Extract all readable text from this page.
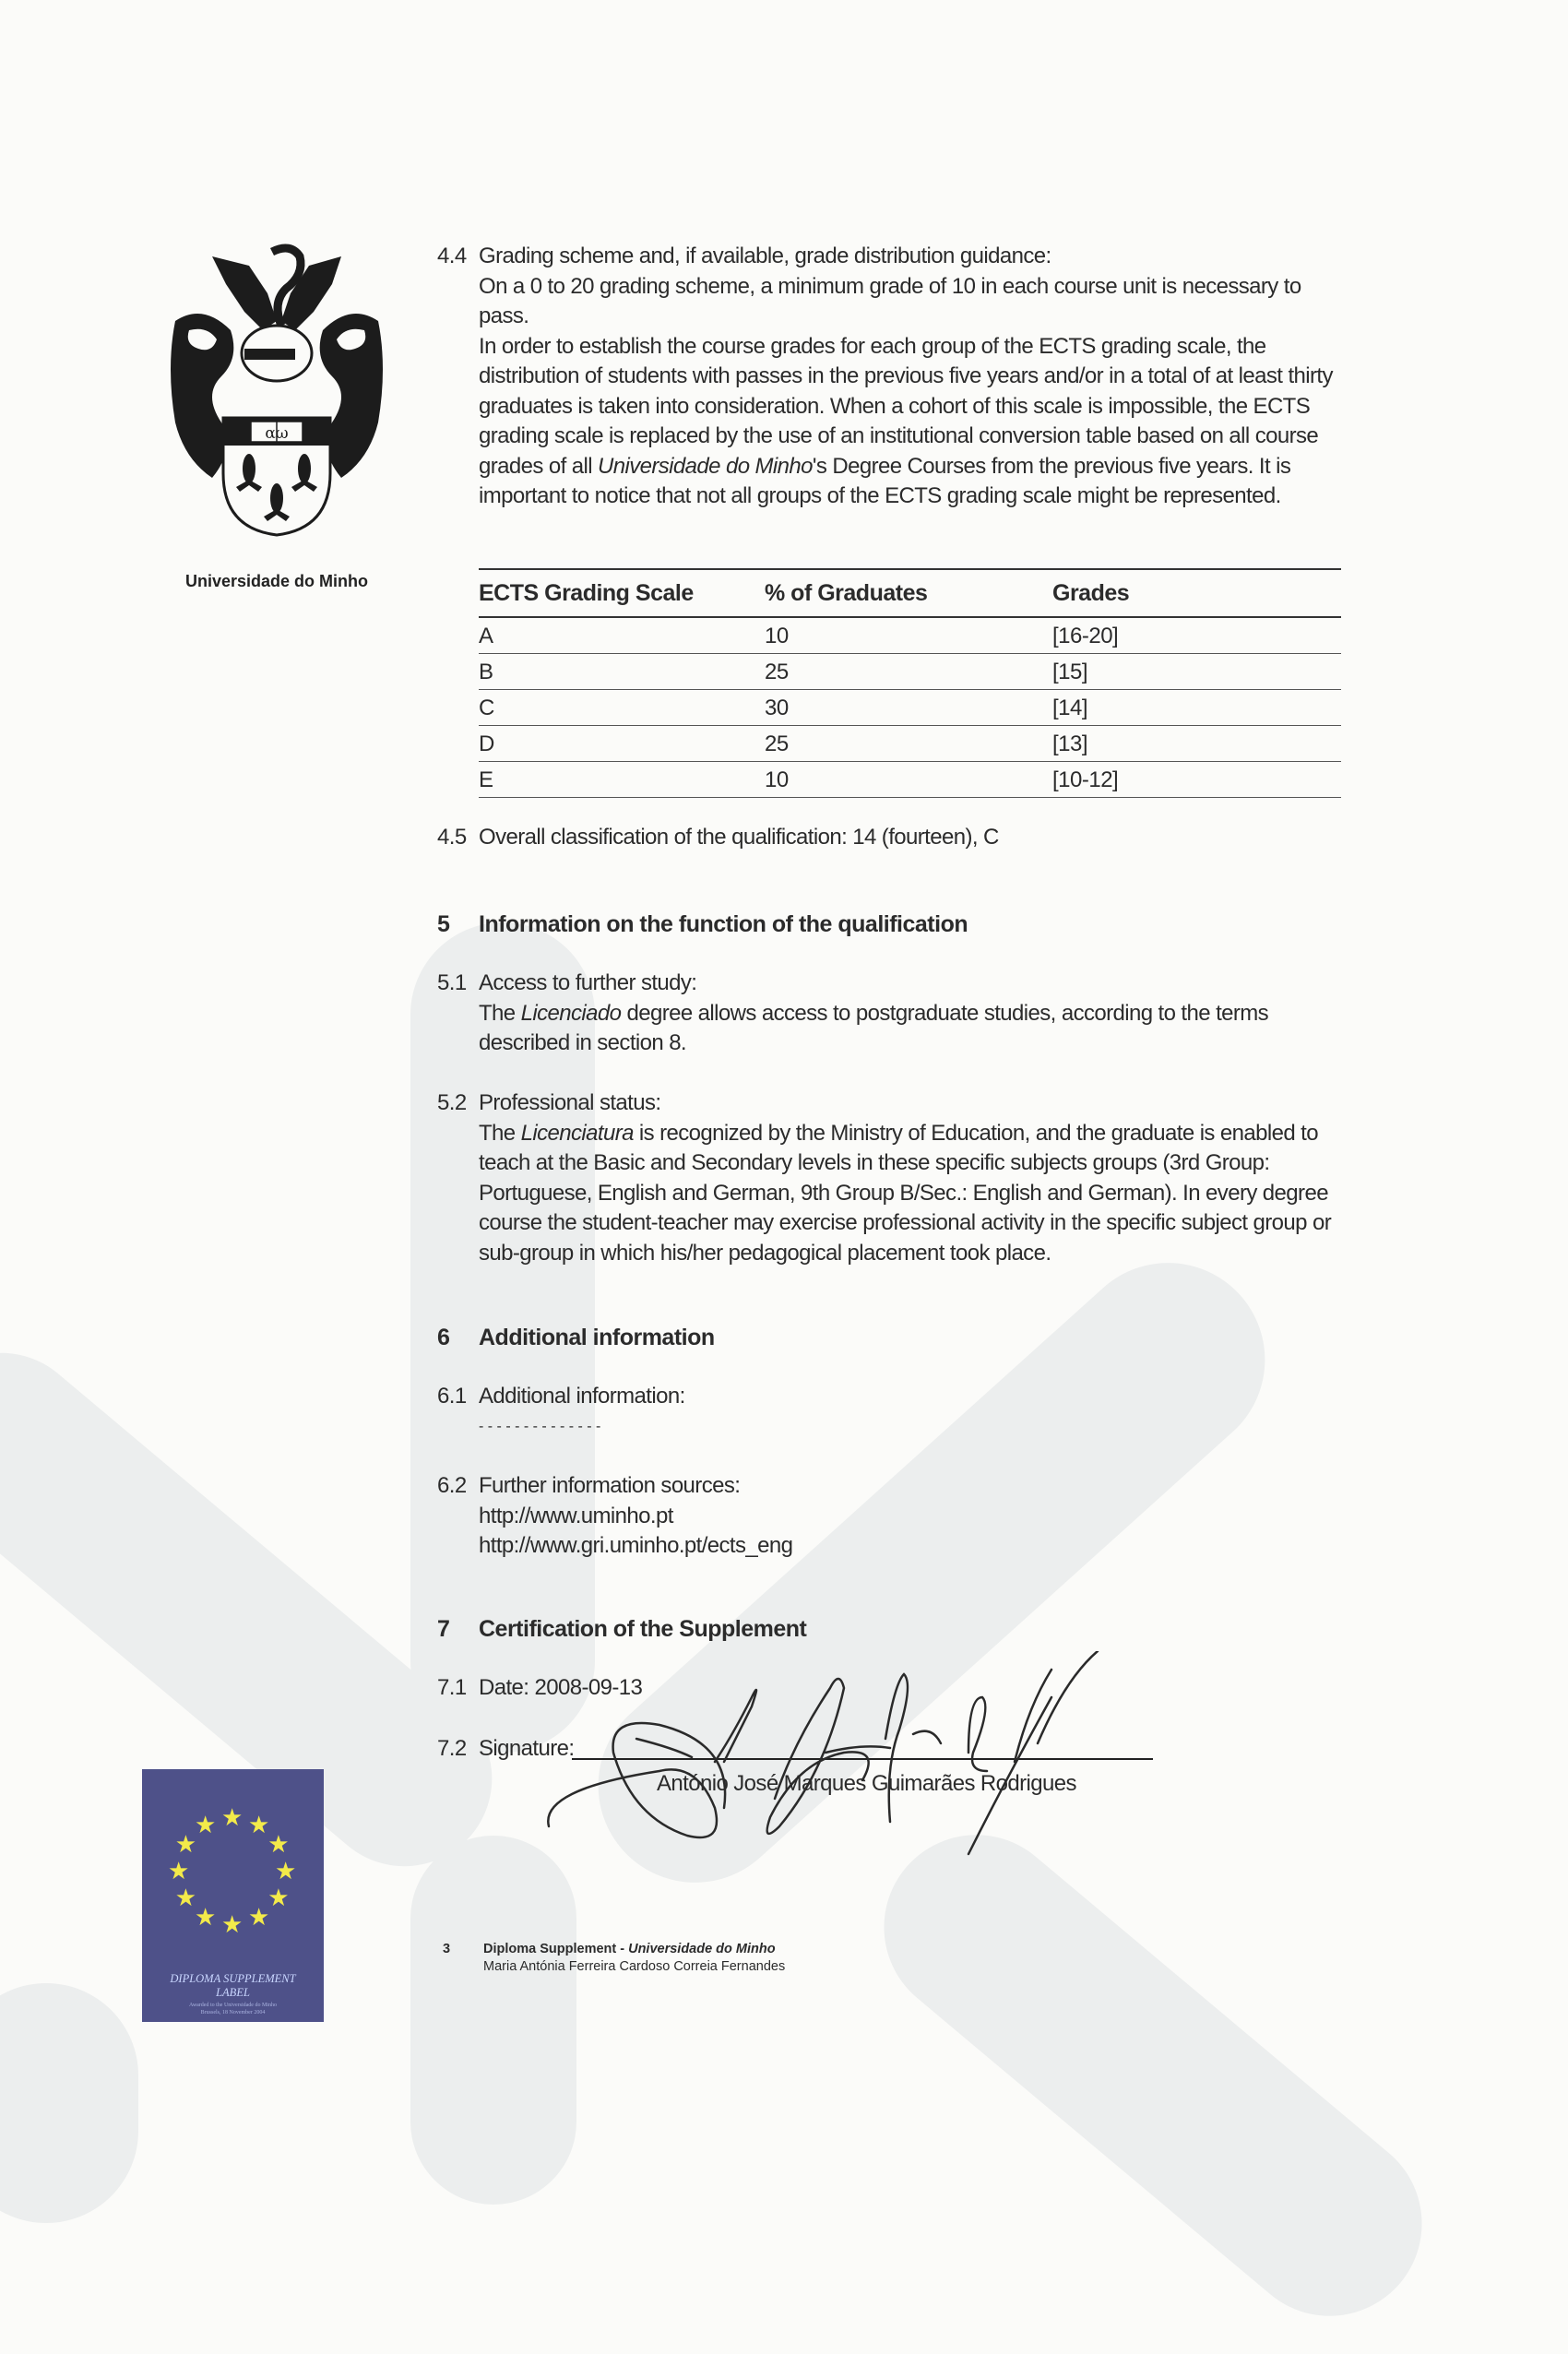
αω
Universidade do Minho
★ ★
★
★
★
★
★
★
★
★
★
★
DIPLOMA SUPPLEMENT
LABEL
Awarded to the Universidade do Minho
Brussels, 18 November 2004
4.4 Grading scheme and, if available, grade distribution guidance:
On a 0 to 20 grading scheme, a minimum grade of 10 in each course unit is necessary to pass.
In order to establish the course grades for each group of the ECTS grading scale, the distribution of students with passes in the previous five years and/or in a total of at least thirty graduates is taken into consideration. When a cohort of this scale is impossible, the ECTS grading scale is replaced by the use of an institutional conversion table based on all course grades of all Universidade do Minho's Degree Courses from the previous five years. It is important to notice that not all groups of the ECTS grading scale might be represented.
ECTS Grading Scale	% of Graduates	Grades
A	10	[16-20]
B	25	[15]
C	30	[14]
D	25	[13]
E	10	[10-12]
4.5 Overall classification of the qualification: 14 (fourteen), C
5 Information on the function of the qualification
5.1 Access to further study:
The Licenciado degree allows access to postgraduate studies, according to the terms described in section 8.
5.2 Professional status:
The Licenciatura is recognized by the Ministry of Education, and the graduate is enabled to teach at the Basic and Secondary levels in these specific subjects groups (3rd Group: Portuguese, English and German, 9th Group B/Sec.: English and German). In every degree course the student-teacher may exercise professional activity in the specific subject group or sub-group in which his/her pedagogical placement took place.
6 Additional information
6.1 Additional information:
- - - - - - - - - - - - - -
6.2 Further information sources:
http://www.uminho.pt
http://www.gri.uminho.pt/ects_eng
7 Certification of the Supplement
7.1 Date: 2008-09-13
7.2 Signature:
António José Marques Guimarães Rodrigues
3 Diploma Supplement - Universidade do Minho
Maria Antónia Ferreira Cardoso Correia Fernandes
